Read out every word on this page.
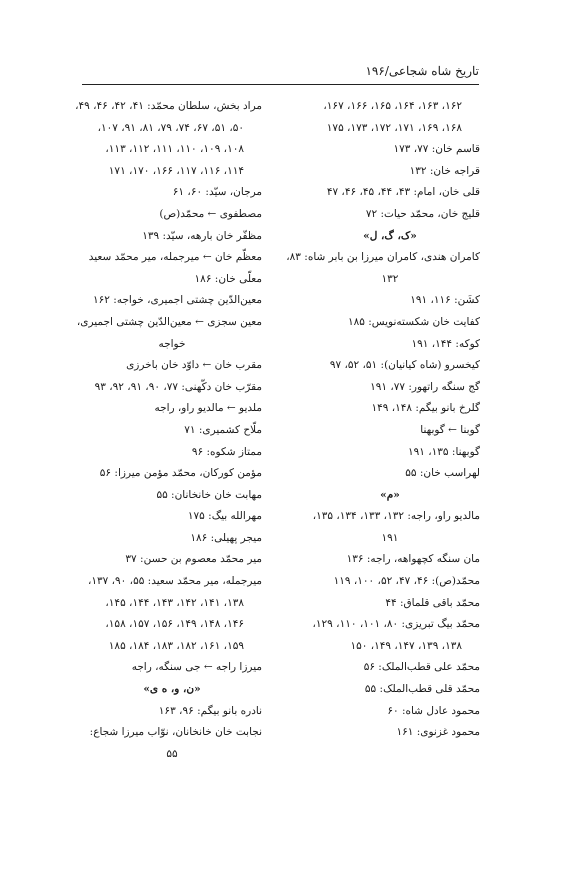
تاریخ شاه شجاعی/۱۹۶
۱۶۲، ۱۶۳، ۱۶۴، ۱۶۵، ۱۶۶، ۱۶۷،
۱۶۸، ۱۶۹، ۱۷۱، ۱۷۲، ۱۷۳، ۱۷۵
قاسم خان: ۷۷، ۱۷۳
قراجه خان: ۱۳۲
قلی خان، امام: ۴۳، ۴۴، ۴۵، ۴۶، ۴۷
قلیج خان، محمّد حیات: ۷۲
«ک، گ، ل»
کامران هندی، کامران میرزا بن بابر شاه: ۸۳،
۱۳۲
کشَن: ۱۱۶، ۱۹۱
کفایت خان شکسته‌نویس: ۱۸۵
کوکه: ۱۴۴، ۱۹۱
کیخسرو (شاه کیانیان): ۵۱، ۵۲، ۹۷
گج سنگه راتهور: ۷۷، ۱۹۱
گلرخ بانو بیگم: ۱۴۸، ۱۴۹
گوبنا ← گوبهنا
گوبهنا: ۱۳۵، ۱۹۱
لهراسب خان: ۵۵
«م»
مالدیو راو، راجه: ۱۳۲، ۱۳۳، ۱۳۴، ۱۳۵،
۱۹۱
مان سنگه کچهواهه، راجه: ۱۳۶
محمّد(ص): ۴۶، ۴۷، ۵۲، ۱۰۰، ۱۱۹
محمّد باقی قلماق: ۴۴
محمّد بیگ تبریزی: ۸۰، ۱۰۱، ۱۱۰، ۱۲۹،
۱۳۸، ۱۳۹، ۱۴۷، ۱۴۹، ۱۵۰
محمّد علی قطب‌الملک: ۵۶
محمّد قلی قطب‌الملک: ۵۵
محمود عادل شاه: ۶۰
محمود غزنوی: ۱۶۱
مراد بخش، سلطان محمّد: ۴۱، ۴۲، ۴۶، ۴۹،
۵۰، ۵۱، ۶۷، ۷۴، ۷۹، ۸۱، ۹۱، ۱۰۷،
۱۰۸، ۱۰۹، ۱۱۰، ۱۱۱، ۱۱۲، ۱۱۳،
۱۱۴، ۱۱۶، ۱۱۷، ۱۶۶، ۱۷۰، ۱۷۱
مرجان، سیّد: ۶۰، ۶۱
مصطفوی ← محمّد(ص)
مظفّر خان بارهه، سیّد: ۱۳۹
معظّم خان ← میرجمله، میر محمّد سعید
معلّی خان: ۱۸۶
معین‌الدّین چشتی اجمیری، خواجه: ۱۶۲
معین سجزی ← معین‌الدّین چشتی اجمیری،
خواجه
مقرب خان ← داوّد خان باخرزی
مقرّب خان دکّهنی: ۷۷، ۹۰، ۹۱، ۹۲، ۹۳
ملدیو ← مالدیو راو، راجه
ملّاح کشمیری: ۷۱
ممتاز شکوه: ۹۶
مؤمن کورکان، محمّد مؤمن میرزا: ۵۶
مهابت خان خانخانان: ۵۵
مهرالله بیگ: ۱۷۵
میجر پهیلی: ۱۸۶
میر محمّد معصوم بن حسن: ۳۷
میرجمله، میر محمّد سعید: ۵۵، ۹۰، ۱۳۷،
۱۳۸، ۱۴۱، ۱۴۲، ۱۴۳، ۱۴۴، ۱۴۵،
۱۴۶، ۱۴۸، ۱۴۹، ۱۵۶، ۱۵۷، ۱۵۸،
۱۵۹، ۱۶۱، ۱۸۲، ۱۸۳، ۱۸۴، ۱۸۵
میرزا راجه ← جی سنگه، راجه
«ن، و، ه ی»
نادره بانو بیگم: ۹۶، ۱۶۳
نجابت خان خانخانان، نوّاب میرزا شجاع:
۵۵
